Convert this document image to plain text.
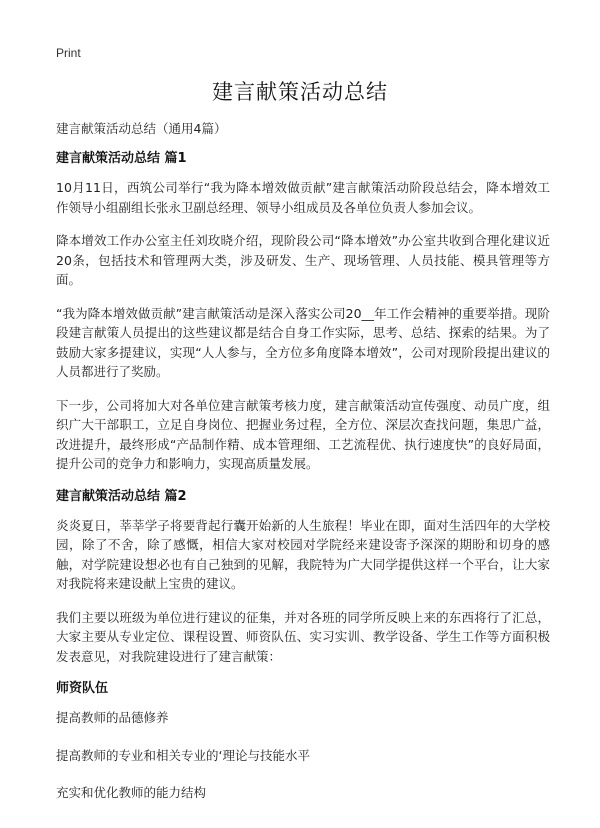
Print
建言献策活动总结
建言献策活动总结（通用4篇）
建言献策活动总结 篇1

10月11日，西筑公司举行“我为降本增效做贡献”建言献策活动阶段总结会，降本增效工作领导小组副组长张永卫副总经理、领导小组成员及各单位负责人参加会议。

降本增效工作办公室主任刘玫晓介绍，现阶段公司“降本增效”办公室共收到合理化建议近20条，包括技术和管理两大类，涉及研发、生产、现场管理、人员技能、模具管理等方面。

“我为降本增效做贡献”建言献策活动是深入落实公司20__年工作会精神的重要举措。现阶段建言献策人员提出的这些建议都是结合自身工作实际，思考、总结、探索的结果。为了鼓励大家多提建议，实现“人人参与，全方位多角度降本增效”，公司对现阶段提出建议的人员都进行了奖励。

下一步，公司将加大对各单位建言献策考核力度，建言献策活动宣传强度、动员广度，组织广大干部职工，立足自身岗位、把握业务过程，全方位、深层次查找问题，集思广益，改进提升，最终形成“产品制作精、成本管理细、工艺流程优、执行速度快”的良好局面，提升公司的竞争力和影响力，实现高质量发展。

建言献策活动总结 篇2

炎炎夏日，莘莘学子将要背起行囊开始新的人生旅程！毕业在即，面对生活四年的大学校园，除了不舍，除了感慨，相信大家对校园对学院经来建设寄予深深的期盼和切身的感触，对学院建设想必也有自己独到的见解，我院特为广大同学提供这样一个平台，让大家对我院将来建设献上宝贵的建议。

我们主要以班级为单位进行建议的征集，并对各班的同学所反映上来的东西将行了汇总，大家主要从专业定位、课程设置、师资队伍、实习实训、教学设备、学生工作等方面积极发表意见，对我院建设进行了建言献策：

师资队伍

提高教师的品德修养

提高教师的专业和相关专业的‘理论与技能水平

充实和优化教师的能力结构
